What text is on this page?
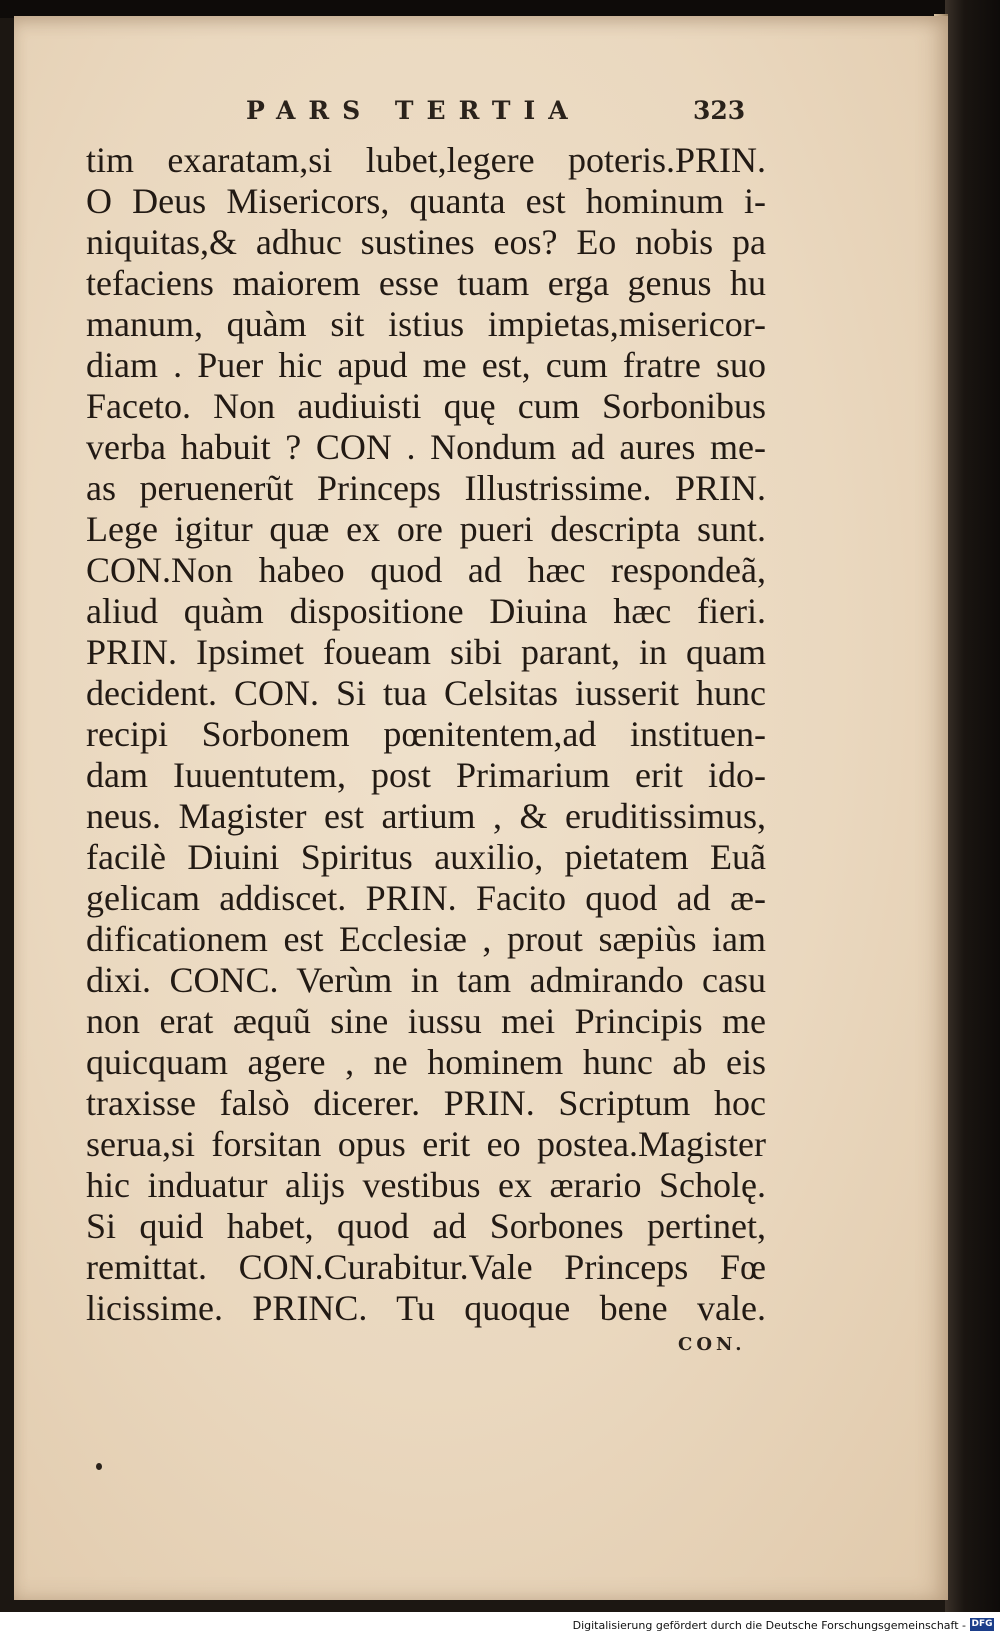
PARS TERTIA	323
tim exaratam,si lubet,legere poteris.PRIN.
O Deus Misericors, quanta est hominum i-
niquitas,& adhuc sustines eos? Eo nobis pa
tefaciens maiorem esse tuam erga genus hu
manum, quàm sit istius impietas,misericor-
diam . Puer hic apud me est, cum fratre suo
Faceto. Non audiuisti quę cum Sorbonibus
verba habuit ? CON . Nondum ad aures me-
as peruenerũt Princeps Illustrissime. PRIN.
Lege igitur quæ ex ore pueri descripta sunt.
CON.Non habeo quod ad hæc respondeã,
aliud quàm dispositione Diuina hæc fieri.
PRIN. Ipsimet foueam sibi parant, in quam
decident. CON. Si tua Celsitas iusserit hunc
recipi Sorbonem pœnitentem,ad instituen-
dam Iuuentutem, post Primarium erit ido-
neus. Magister est artium , & eruditissimus,
facilè Diuini Spiritus auxilio, pietatem Euã
gelicam addiscet. PRIN. Facito quod ad æ-
dificationem est Ecclesiæ , prout sæpiùs iam
dixi. CONC. Verùm in tam admirando casu
non erat æquũ sine iussu mei Principis me
quicquam agere , ne hominem hunc ab eis
traxisse falsò dicerer. PRIN. Scriptum hoc
serua,si forsitan opus erit eo postea.Magister
hic induatur alijs vestibus ex ærario Scholę.
Si quid habet, quod ad Sorbones pertinet,
remittat. CON.Curabitur.Vale Princeps Fœ
licissime. PRINC. Tu quoque bene vale.
CON.
Digitalisierung gefördert durch die Deutsche Forschungsgemeinschaft - DFG
